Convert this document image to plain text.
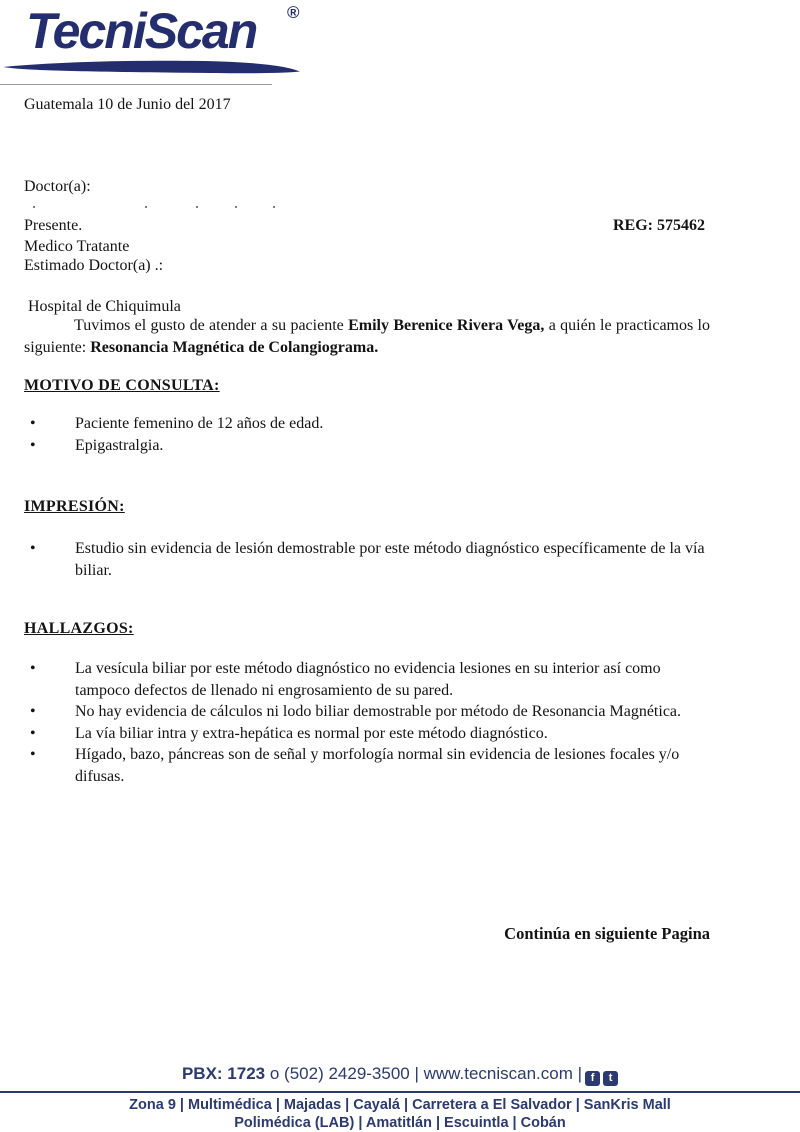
TecniScan ®
Guatemala 10 de Junio del 2017

Doctor(a):

Medico Tratante

Hospital de Chiquimula

Presente.	REG: 575462
Estimado Doctor(a) .:

Tuvimos el gusto de atender a su paciente Emily Berenice Rivera Vega, a quién le practicamos lo siguiente: Resonancia Magnética de Colangiograma.

MOTIVO DE CONSULTA:
• Paciente femenino de 12 años de edad.
• Epigastralgia.
IMPRESIÓN:
• Estudio sin evidencia de lesión demostrable por este método diagnóstico específicamente de la vía biliar.
HALLAZGOS:
• La vesícula biliar por este método diagnóstico no evidencia lesiones en su interior así como tampoco defectos de llenado ni engrosamiento de su pared.
• No hay evidencia de cálculos ni lodo biliar demostrable por método de Resonancia Magnética.
• La vía biliar intra y extra-hepática es normal por este método diagnóstico.
• Hígado, bazo, páncreas son de señal y morfología normal sin evidencia de lesiones focales y/o difusas.
Continúa en siguiente Pagina
PBX: 1723 o (502) 2429-3500 | www.tecniscan.com | f t
Zona 9 | Multimédica | Majadas | Cayalá | Carretera a El Salvador | SanKris Mall
Polimédica (LAB) | Amatitlán | Escuintla | Cobán
